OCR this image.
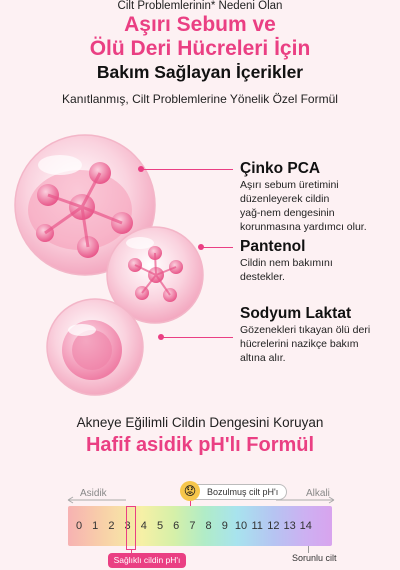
Cilt Problemlerinin* Nedeni Olan
Aşırı Sebum ve
Ölü Deri Hücreleri İçin
Bakım Sağlayan İçerikler
Kanıtlanmış, Cilt Problemlerine Yönelik Özel Formül
Çinko PCA
Aşırı sebum üretimini
düzenleyerek cildin
yağ-nem dengesinin
korunmasına yardımcı olur.
Pantenol
Cildin nem bakımını
destekler.
Sodyum Laktat
Gözenekleri tıkayan ölü deri
hücrelerini nazikçe bakım
altına alır.
Akneye Eğilimli Cildin Dengesini Koruyan
Hafif asidik pH'lı Formül
Asidik	Alkali
Bozulmuş cilt pH'ı
😟
0 1 2 3 4 5 6 7 8 9 10 11 12 13 14
Sağlıklı cildin pH'ı	Sorunlu cilt
